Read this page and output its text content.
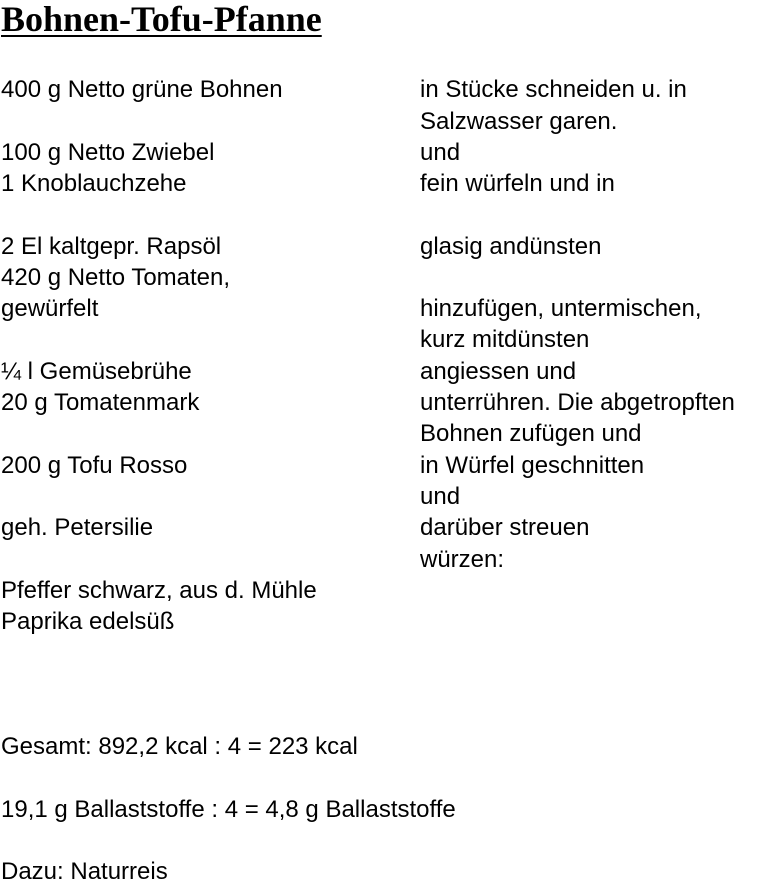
Bohnen-Tofu-Pfanne
400 g Netto grüne Bohnen
100 g Netto Zwiebel
1 Knoblauchzehe
2 El kaltgepr. Rapsöl
420 g Netto Tomaten,
gewürfelt
¼ l Gemüsebrühe
20 g Tomatenmark
200 g Tofu Rosso
geh. Petersilie
Pfeffer schwarz, aus d. Mühle
Paprika edelsüß
in Stücke schneiden u. in
Salzwasser garen.
und
fein würfeln und in
glasig andünsten
hinzufügen, untermischen,
kurz mitdünsten
angiessen und
unterrühren. Die abgetropften
Bohnen zufügen und
in Würfel geschnitten
und
darüber streuen
würzen:
Gesamt: 892,2 kcal : 4 = 223 kcal
19,1 g Ballaststoffe : 4 = 4,8 g Ballaststoffe
Dazu: Naturreis
